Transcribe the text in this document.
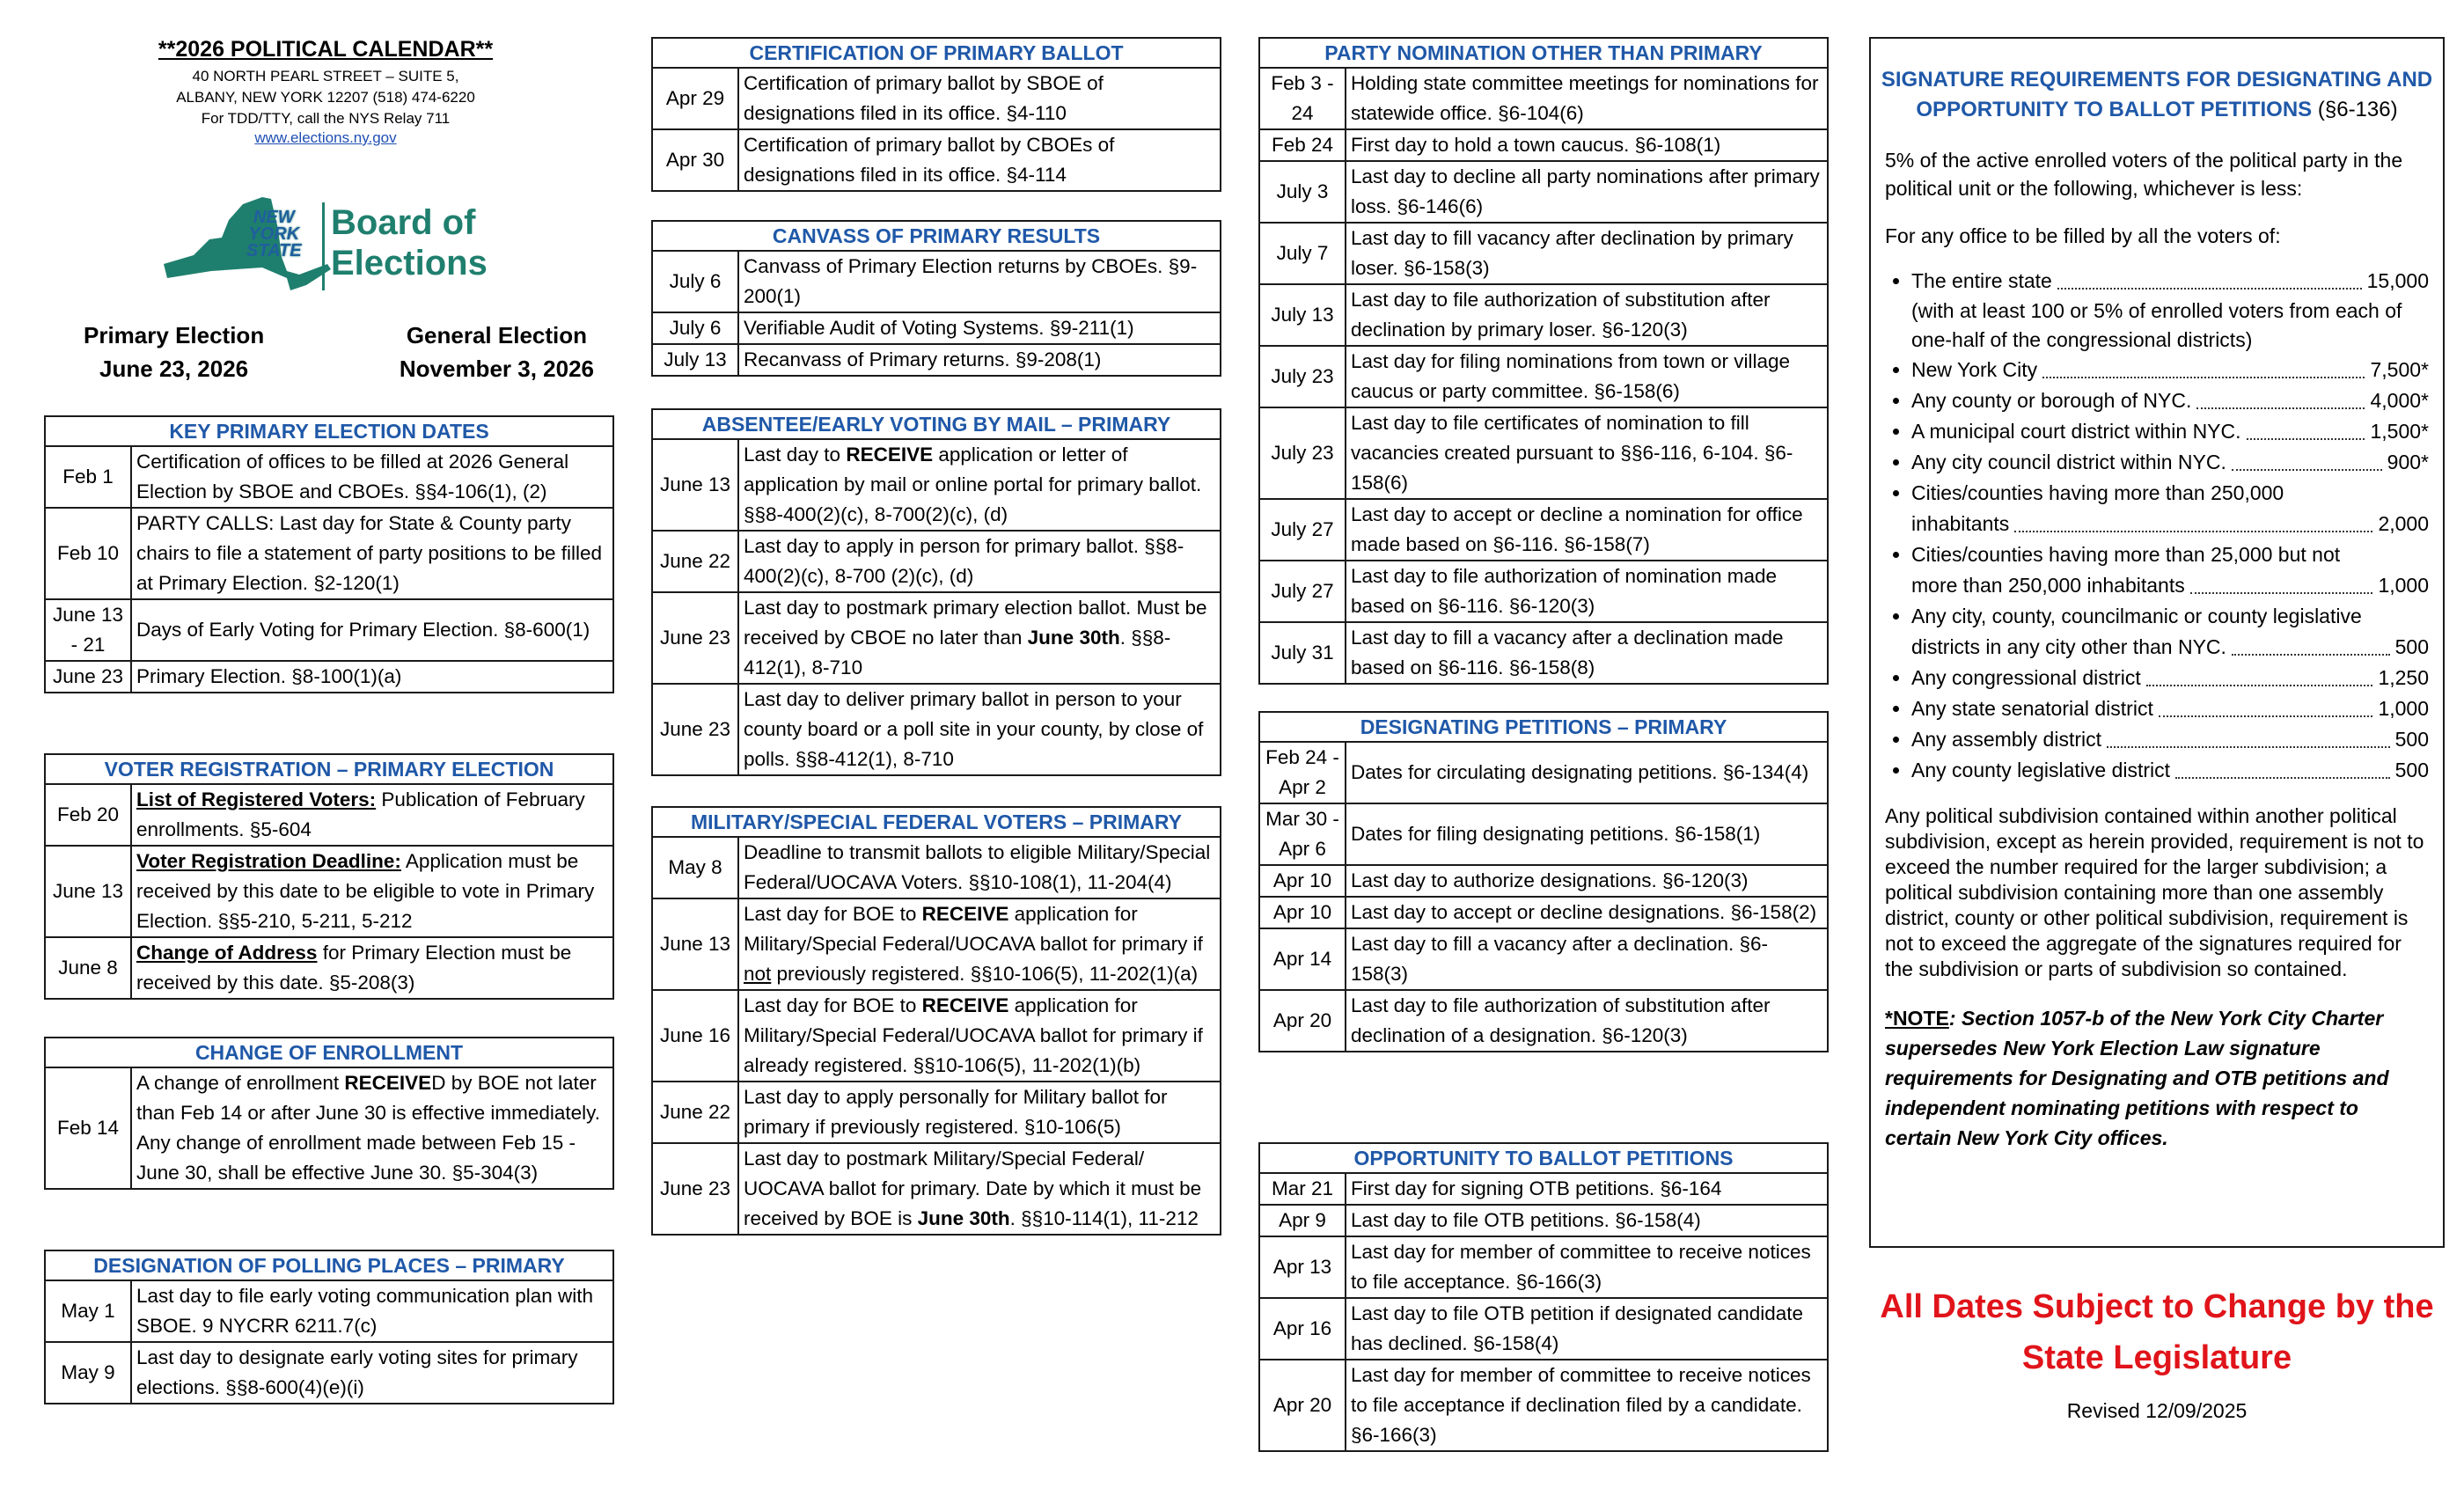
**2026 POLITICAL CALENDAR**
40 NORTH PEARL STREET – SUITE 5,
ALBANY, NEW YORK 12207 (518) 474-6220
For TDD/TTY, call the NYS Relay 711
www.elections.ny.gov
NEW
YORK
STATE
Board of
Elections
Primary Election
June 23, 2026
General Election
November 3, 2026
KEY PRIMARY ELECTION DATES
Feb 1	Certification of offices to be filled at 2026 General Election by SBOE and CBOEs. §§4-106(1), (2)
Feb 10	PARTY CALLS: Last day for State & County party chairs to file a statement of party positions to be filled at Primary Election. §2-120(1)
June 13 - 21	Days of Early Voting for Primary Election. §8-600(1)
June 23	Primary Election. §8-100(1)(a)
VOTER REGISTRATION – PRIMARY ELECTION
Feb 20	List of Registered Voters: Publication of February enrollments. §5-604
June 13	Voter Registration Deadline: Application must be received by this date to be eligible to vote in Primary Election. §§5-210, 5-211, 5-212
June 8	Change of Address for Primary Election must be received by this date. §5-208(3)
CHANGE OF ENROLLMENT
Feb 14	A change of enrollment RECEIVED by BOE not later than Feb 14 or after June 30 is effective immediately. Any change of enrollment made between Feb 15 - June 30, shall be effective June 30. §5-304(3)
DESIGNATION OF POLLING PLACES – PRIMARY
May 1	Last day to file early voting communication plan with SBOE. 9 NYCRR 6211.7(c)
May 9	Last day to designate early voting sites for primary elections. §§8-600(4)(e)(i)
CERTIFICATION OF PRIMARY BALLOT
Apr 29	Certification of primary ballot by SBOE of designations filed in its office. §4-110
Apr 30	Certification of primary ballot by CBOEs of designations filed in its office. §4-114
CANVASS OF PRIMARY RESULTS
July 6	Canvass of Primary Election returns by CBOEs. §9-200(1)
July 6	Verifiable Audit of Voting Systems. §9-211(1)
July 13	Recanvass of Primary returns. §9-208(1)
ABSENTEE/EARLY VOTING BY MAIL – PRIMARY
June 13	Last day to RECEIVE application or letter of application by mail or online portal for primary ballot. §§8-400(2)(c), 8-700(2)(c), (d)
June 22	Last day to apply in person for primary ballot. §§8-400(2)(c), 8-700 (2)(c), (d)
June 23	Last day to postmark primary election ballot. Must be received by CBOE no later than June 30th. §§8-412(1), 8-710
June 23	Last day to deliver primary ballot in person to your county board or a poll site in your county, by close of polls. §§8-412(1), 8-710
MILITARY/SPECIAL FEDERAL VOTERS – PRIMARY
May 8	Deadline to transmit ballots to eligible Military/Special Federal/UOCAVA Voters. §§10-108(1), 11-204(4)
June 13	Last day for BOE to RECEIVE application for Military/Special Federal/UOCAVA ballot for primary if not previously registered. §§10-106(5), 11-202(1)(a)
June 16	Last day for BOE to RECEIVE application for Military/Special Federal/UOCAVA ballot for primary if already registered. §§10-106(5), 11-202(1)(b)
June 22	Last day to apply personally for Military ballot for primary if previously registered. §10-106(5)
June 23	Last day to postmark Military/Special Federal/ UOCAVA ballot for primary. Date by which it must be received by BOE is June 30th. §§10-114(1), 11-212
PARTY NOMINATION OTHER THAN PRIMARY
Feb 3 - 24	Holding state committee meetings for nominations for statewide office. §6-104(6)
Feb 24	First day to hold a town caucus. §6-108(1)
July 3	Last day to decline all party nominations after primary loss. §6-146(6)
July 7	Last day to fill vacancy after declination by primary loser. §6-158(3)
July 13	Last day to file authorization of substitution after declination by primary loser. §6-120(3)
July 23	Last day for filing nominations from town or village caucus or party committee. §6-158(6)
July 23	Last day to file certificates of nomination to fill vacancies created pursuant to §§6-116, 6-104. §6-158(6)
July 27	Last day to accept or decline a nomination for office made based on §6-116. §6-158(7)
July 27	Last day to file authorization of nomination made based on §6-116. §6-120(3)
July 31	Last day to fill a vacancy after a declination made based on §6-116. §6-158(8)
DESIGNATING PETITIONS – PRIMARY
Feb 24 - Apr 2	Dates for circulating designating petitions. §6-134(4)
Mar 30 - Apr 6	Dates for filing designating petitions. §6-158(1)
Apr 10	Last day to authorize designations. §6-120(3)
Apr 10	Last day to accept or decline designations. §6-158(2)
Apr 14	Last day to fill a vacancy after a declination. §6-158(3)
Apr 20	Last day to file authorization of substitution after declination of a designation. §6-120(3)
OPPORTUNITY TO BALLOT PETITIONS
Mar 21	First day for signing OTB petitions. §6-164
Apr 9	Last day to file OTB petitions. §6-158(4)
Apr 13	Last day for member of committee to receive notices to file acceptance. §6-166(3)
Apr 16	Last day to file OTB petition if designated candidate has declined. §6-158(4)
Apr 20	Last day for member of committee to receive notices to file acceptance if declination filed by a candidate. §6-166(3)
SIGNATURE REQUIREMENTS FOR DESIGNATING AND OPPORTUNITY TO BALLOT PETITIONS (§6-136)
5% of the active enrolled voters of the political party in the political unit or the following, whichever is less:
For any office to be filled by all the voters of:
• The entire state	15,000
(with at least 100 or 5% of enrolled voters from each of one-half of the congressional districts)
• New York City	7,500*
• Any county or borough of NYC.	4,000*
• A municipal court district within NYC.	1,500*
• Any city council district within NYC.	900*
• Cities/counties having more than 250,000
inhabitants	2,000
• Cities/counties having more than 25,000 but not
more than 250,000 inhabitants	1,000
• Any city, county, councilmanic or county legislative
districts in any city other than NYC.	500
• Any congressional district	1,250
• Any state senatorial district	1,000
• Any assembly district	500
• Any county legislative district	500
Any political subdivision contained within another political subdivision, except as herein provided, requirement is not to exceed the number required for the larger subdivision; a political subdivision containing more than one assembly district, county or other political subdivision, requirement is not to exceed the aggregate of the signatures required for the subdivision or parts of subdivision so contained.
*NOTE: Section 1057-b of the New York City Charter supersedes New York Election Law signature requirements for Designating and OTB petitions and independent nominating petitions with respect to certain New York City offices.
All Dates Subject to Change by the State Legislature
Revised 12/09/2025
